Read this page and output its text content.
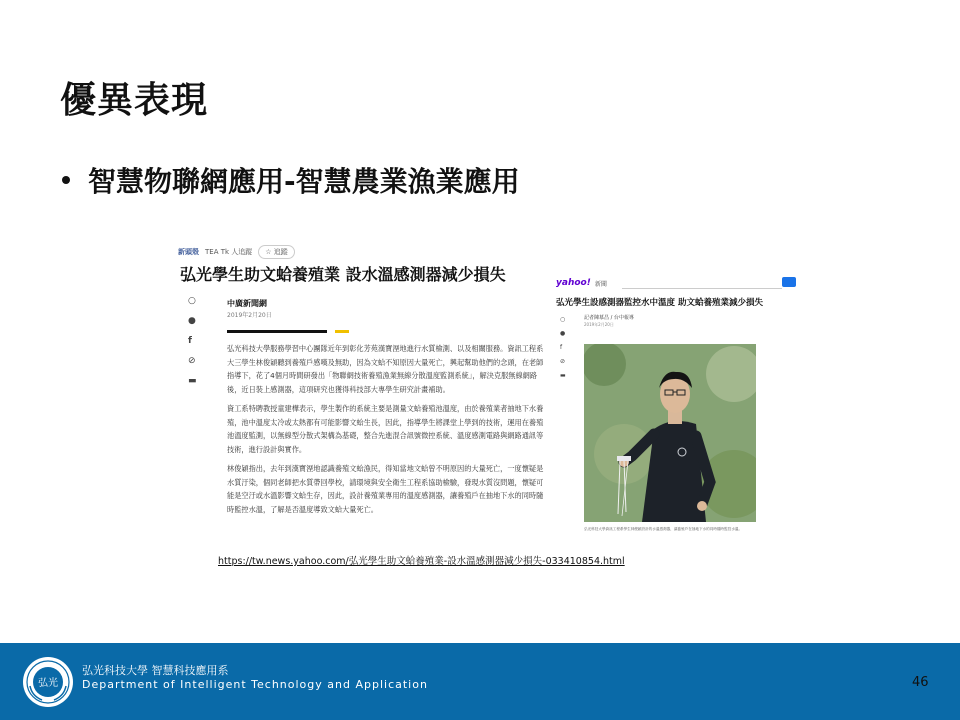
優異表現
智慧物聯網應用-智慧農業漁業應用
新頭殼 TEA Tk 人追蹤	☆ 追蹤
弘光學生助文蛤養殖業 設水溫感測器減少損失
○
●
f
⊘
▬
中廣新聞網
2019年2月20日

弘光科技大學服務學習中心團隊近年到彰化芳苑漢寶溼地進行水質檢測、以及相關服務。資訊工程系大三學生林俊穎聽到養殖戶感嘆及無助，因為文蛤不知原因大量死亡，興起幫助他們的念頭，在老師指導下，花了4個月時間研發出「物聯網技術養殖漁業無線分散溫度監測系統」，解決克服無線網路後，近日裝上感測器，這項研究也獲得科技部大專學生研究計畫補助。

資工系特聘教授童建樺表示，學生製作的系統主要是測量文蛤養殖池溫度，由於養殖業者抽地下水養殖，池中溫度太冷或太熱都有可能影響文蛤生長，因此，指導學生將課堂上學到的技術，運用在養殖池溫度監測，以無線型分散式架構為基礎，整合先進混合訊號微控系統、溫度感測電路與網路通訊等技術，進行設計與實作。

林俊穎指出，去年到漢寶溼地認識養殖文蛤漁民，得知當地文蛤曾不明原因的大量死亡，一度懷疑是水質汙染，個同老師把水質帶回學校，請環境與安全衛生工程系協助檢驗，發現水質沒問題，懷疑可能是空汙或水溫影響文蛤生存，因此，設計養殖業專用的溫度感測器，讓養殖戶在抽地下水的同時隨時監控水溫，了解是否溫度導致文蛤大量死亡。

yahoo! 新聞
弘光學生設感測器監控水中溫度 助文蛤養殖業減少損失
○
●
f
⊘
▬
記者陳慕昌 / 台中報導
2019年2月20日
弘光科技大學資訊工程系學生林俊穎設計的水溫感測器，讓養殖戶在抽地下水的同時隨時監控水溫。
https://tw.news.yahoo.com/弘光學生助文蛤養殖業-設水溫感測器減少損失-033410854.html
弘光
弘光科技大學 智慧科技應用系
Department of Intelligent Technology and Application	46
